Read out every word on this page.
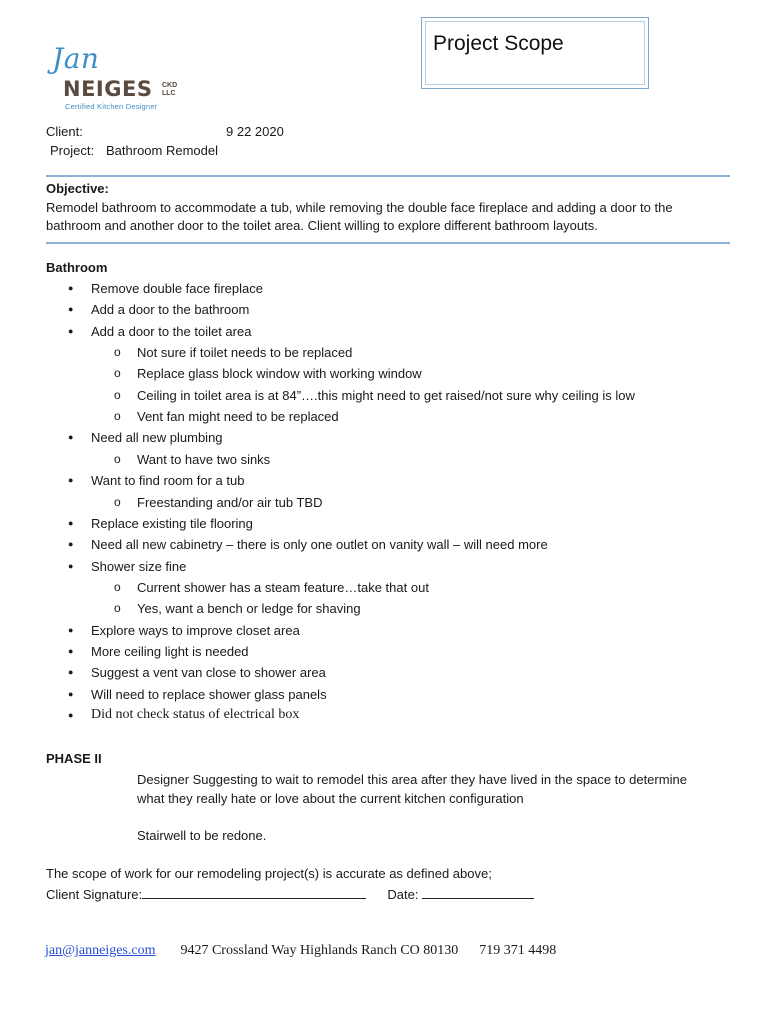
Jan
NEIGES CKD LLC
Certified Kitchen Designer
Project Scope
Client:	9 22 2020
Project: Bathroom Remodel
Objective:
Remodel bathroom to accommodate a tub, while removing the double face fireplace and adding a door to the
bathroom and another door to the toilet area. Client willing to explore different bathroom layouts.
Bathroom
● Remove double face fireplace
● Add a door to the bathroom
● Add a door to the toilet area
o Not sure if toilet needs to be replaced
o Replace glass block window with working window
o Ceiling in toilet area is at 84”….this might need to get raised/not sure why ceiling is low
o Vent fan might need to be replaced
● Need all new plumbing
o Want to have two sinks
● Want to find room for a tub
o Freestanding and/or air tub TBD
● Replace existing tile flooring
● Need all new cabinetry – there is only one outlet on vanity wall – will need more
● Shower size fine
o Current shower has a steam feature…take that out
o Yes, want a bench or ledge for shaving
● Explore ways to improve closet area
● More ceiling light is needed
● Suggest a vent van close to shower area
● Will need to replace shower glass panels
● Did not check status of electrical box
PHASE II
Designer Suggesting to wait to remodel this area after they have lived in the space to determine
what they really hate or love about the current kitchen configuration
Stairwell to be redone.
The scope of work for our remodeling project(s) is accurate as defined above;
Client Signature:	Date:
jan@janneiges.com 9427 Crossland Way Highlands Ranch CO 80130 719 371 4498
